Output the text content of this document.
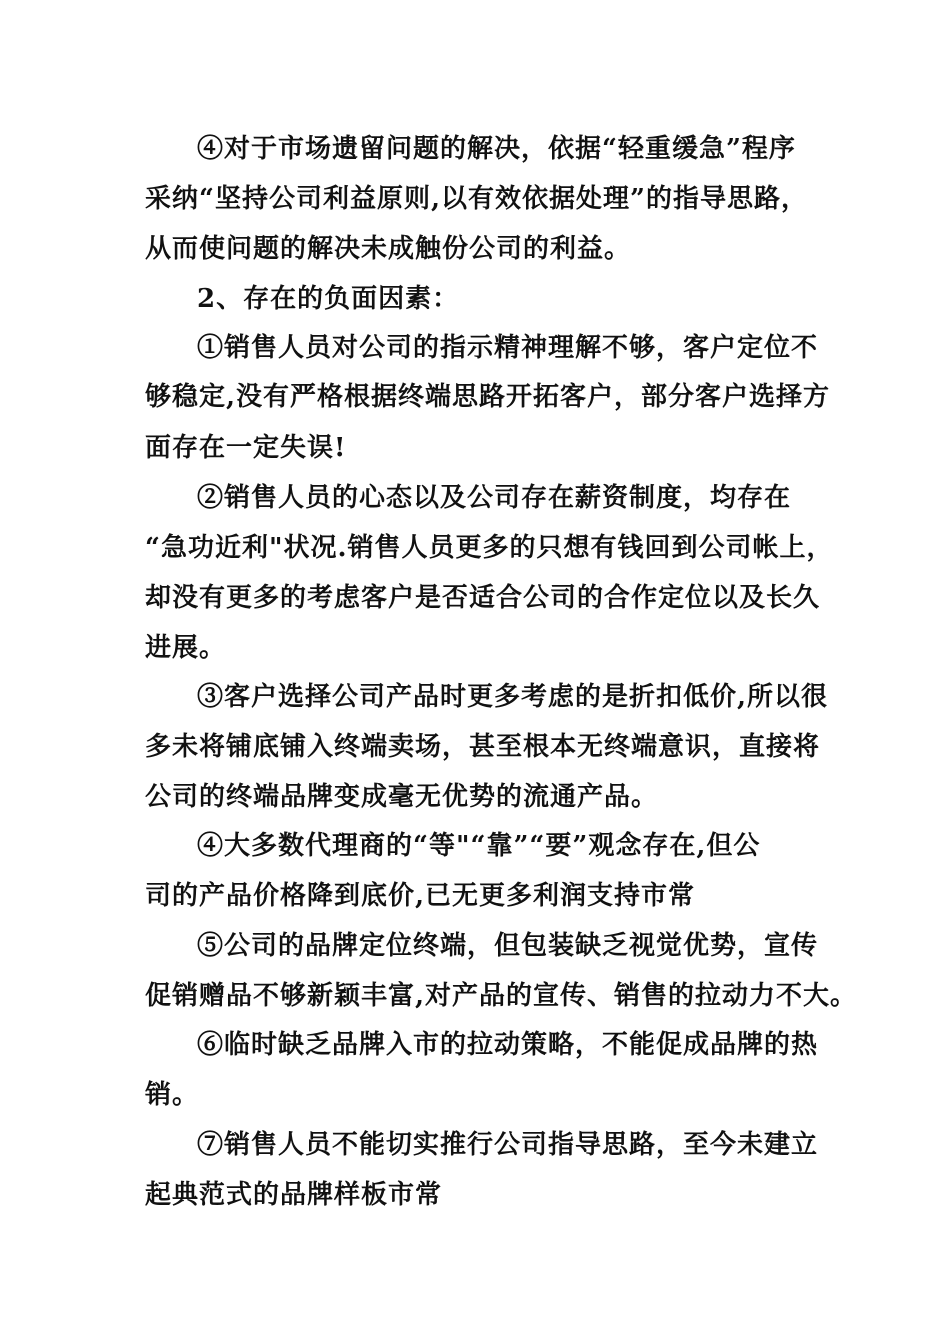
④对于市场遗留问题的解决，依据“轻重缓急”程序
采纳“坚持公司利益原则,以有效依据处理”的指导思路，
从而使问题的解决未成触份公司的利益。
2、存在的负面因素：
①销售人员对公司的指示精神理解不够，客户定位不
够稳定,没有严格根据终端思路开拓客户，部分客户选择方
面存在一定失误!
②销售人员的心态以及公司存在薪资制度，均存在
“急功近利"状况.销售人员更多的只想有钱回到公司帐上，
却没有更多的考虑客户是否适合公司的合作定位以及长久
进展。
③客户选择公司产品时更多考虑的是折扣低价,所以很
多未将铺底铺入终端卖场，甚至根本无终端意识，直接将
公司的终端品牌变成毫无优势的流通产品。
④大多数代理商的“等"“靠”“要”观念存在,但公
司的产品价格降到底价,已无更多利润支持市常
⑤公司的品牌定位终端，但包装缺乏视觉优势，宣传
促销赠品不够新颖丰富,对产品的宣传、销售的拉动力不大。
⑥临时缺乏品牌入市的拉动策略，不能促成品牌的热
销。
⑦销售人员不能切实推行公司指导思路，至今未建立
起典范式的品牌样板市常
